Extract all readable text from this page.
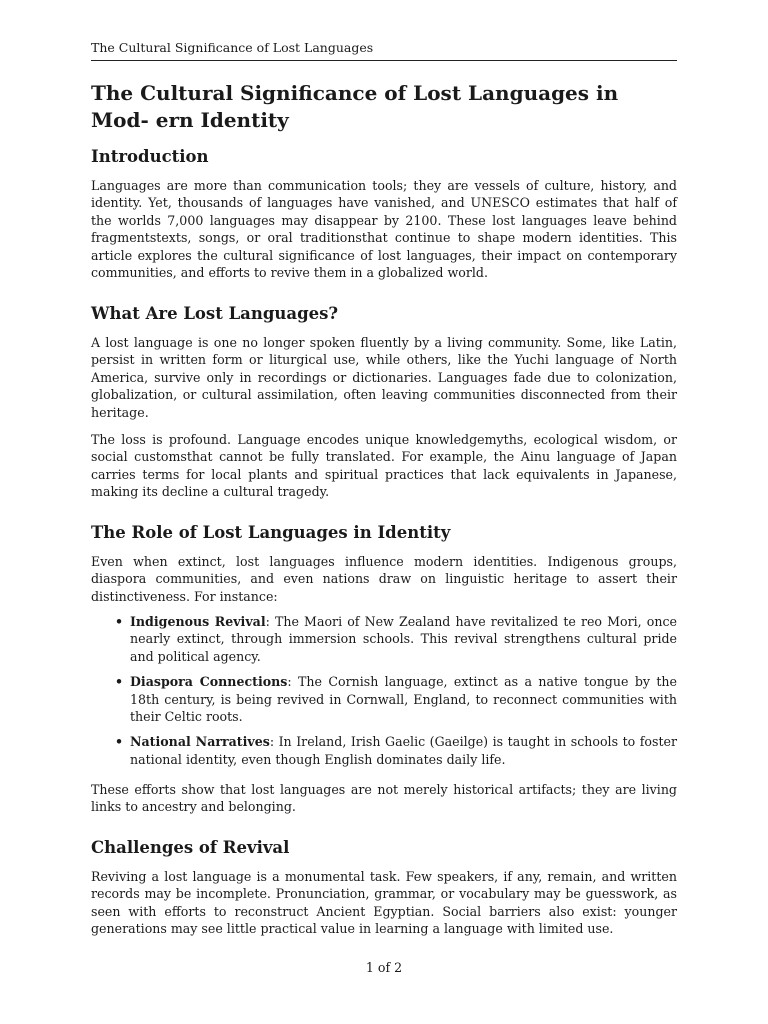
The Cultural Significance of Lost Languages
The Cultural Significance of Lost Languages in Mod- ern Identity
Introduction

Languages are more than communication tools; they are vessels of culture, history, and identity. Yet, thousands of languages have vanished, and UNESCO estimates that half of the worlds 7,000 languages may disappear by 2100. These lost languages leave behind fragmentstexts, songs, or oral traditionsthat continue to shape modern identities. This article explores the cultural significance of lost languages, their impact on contemporary communities, and efforts to revive them in a globalized world.

What Are Lost Languages?

A lost language is one no longer spoken fluently by a living community. Some, like Latin, persist in written form or liturgical use, while others, like the Yuchi language of North America, survive only in recordings or dictionaries. Languages fade due to colonization, globalization, or cultural assimilation, often leaving communities disconnected from their heritage.

The loss is profound. Language encodes unique knowledgemyths, ecological wisdom, or social customsthat cannot be fully translated. For example, the Ainu language of Japan carries terms for local plants and spiritual practices that lack equivalents in Japanese, making its decline a cultural tragedy.

The Role of Lost Languages in Identity

Even when extinct, lost languages influence modern identities. Indigenous groups, diaspora communities, and even nations draw on linguistic heritage to assert their distinctiveness. For instance:

• Indigenous Revival: The Maori of New Zealand have revitalized te reo Mori, once nearly extinct, through immersion schools. This revival strengthens cultural pride and political agency.
• Diaspora Connections: The Cornish language, extinct as a native tongue by the 18th century, is being revived in Cornwall, England, to reconnect communities with their Celtic roots.
• National Narratives: In Ireland, Irish Gaelic (Gaeilge) is taught in schools to foster national identity, even though English dominates daily life.

These efforts show that lost languages are not merely historical artifacts; they are living links to ancestry and belonging.

Challenges of Revival

Reviving a lost language is a monumental task. Few speakers, if any, remain, and written records may be incomplete. Pronunciation, grammar, or vocabulary may be guesswork, as seen with efforts to reconstruct Ancient Egyptian. Social barriers also exist: younger generations may see little practical value in learning a language with limited use.

1 of 2
